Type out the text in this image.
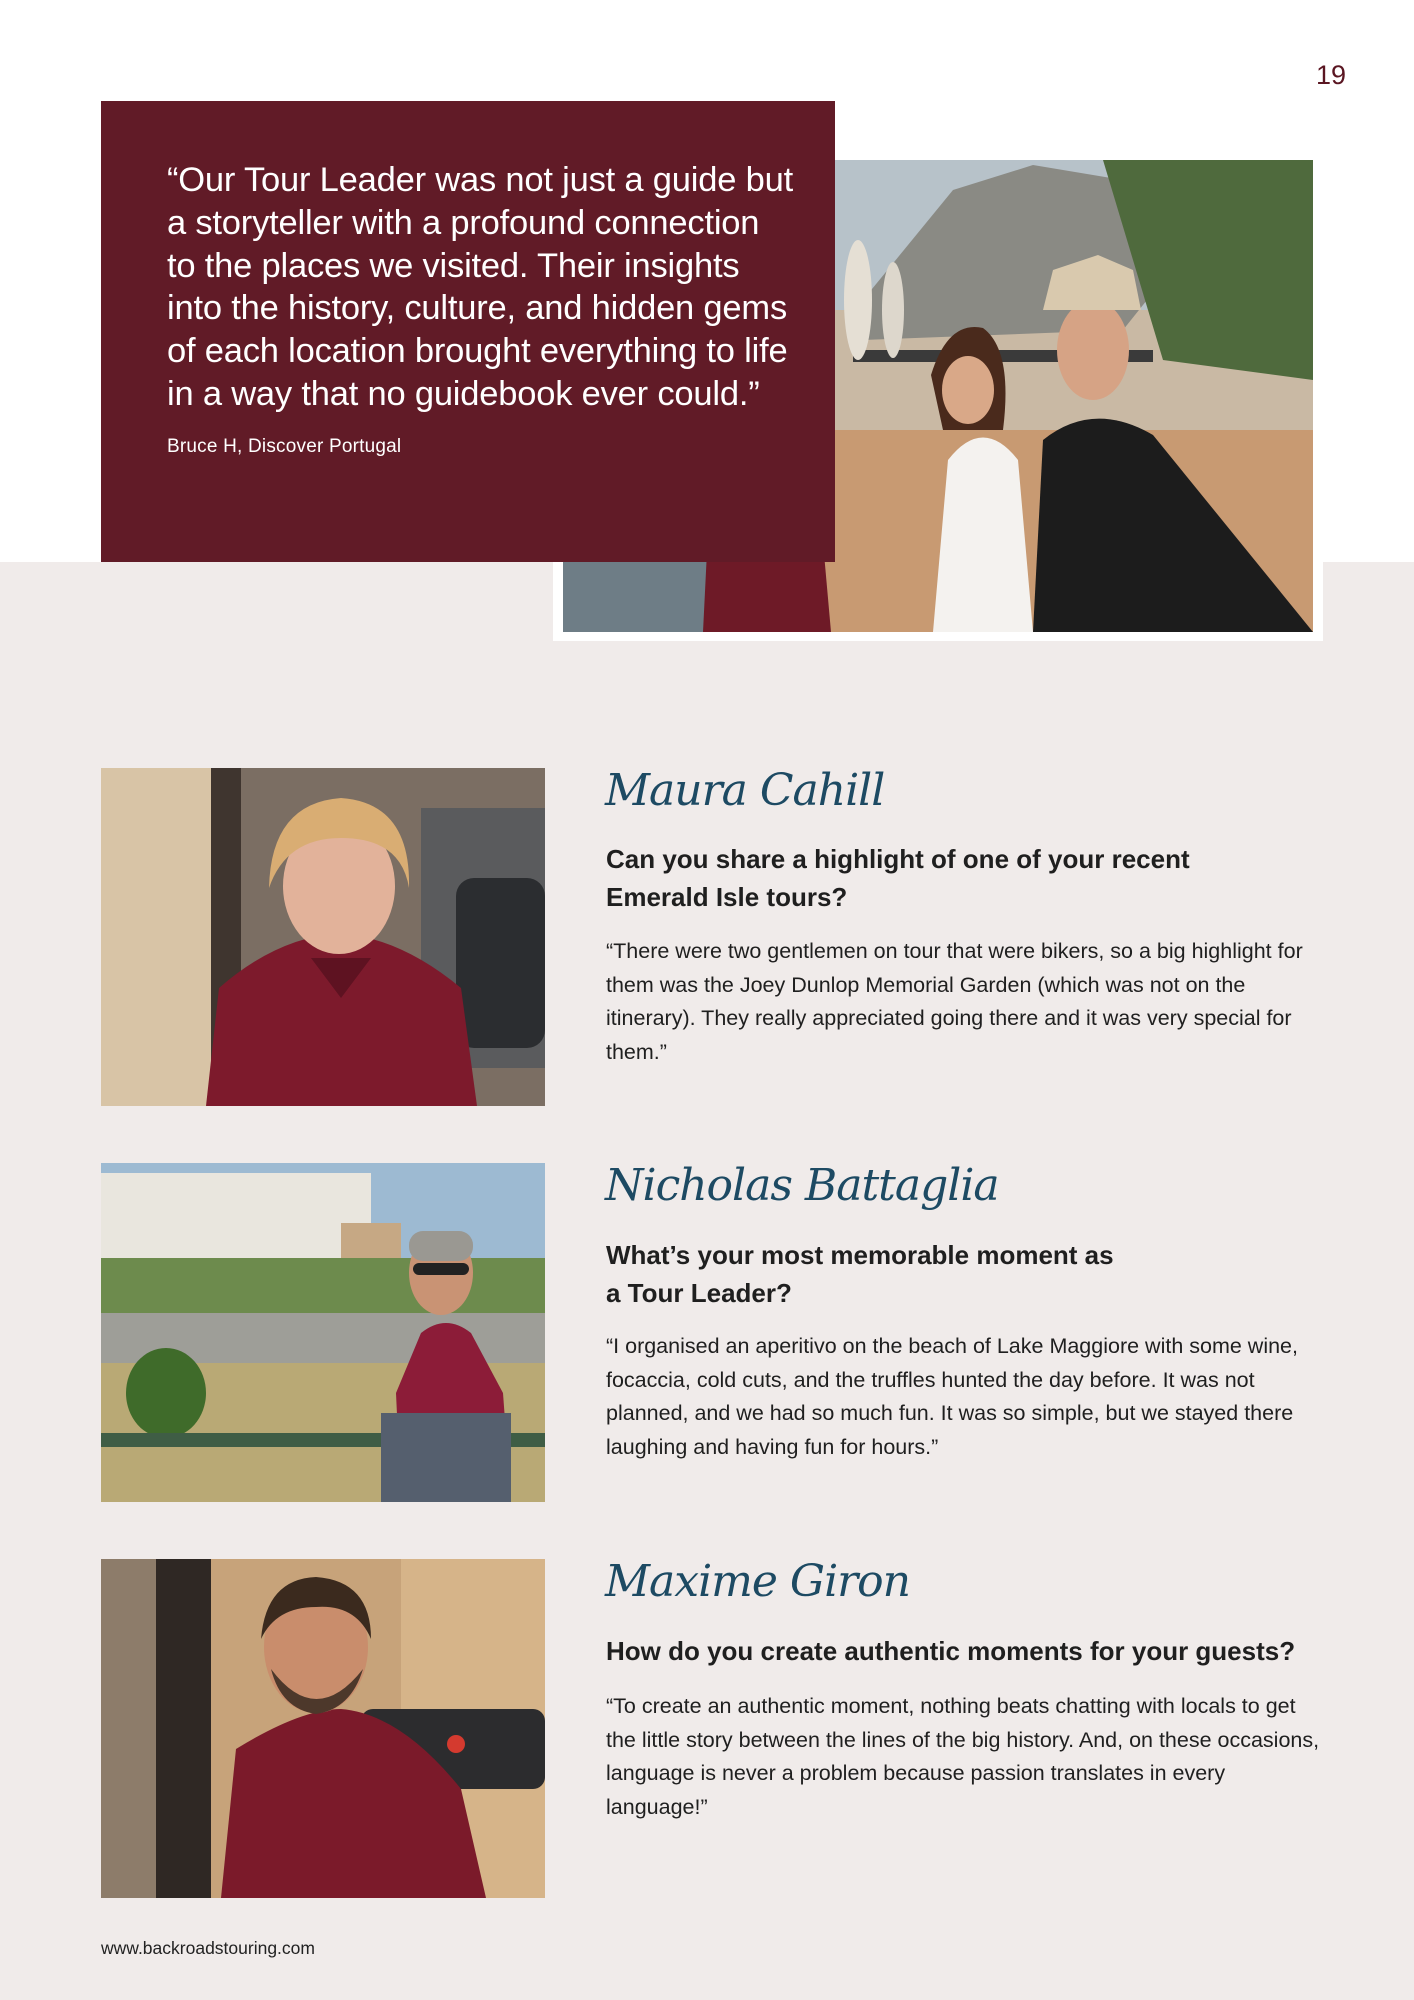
19

“Our Tour Leader was not just a guide but a storyteller with a profound connection to the places we visited. Their insights into the history, culture, and hidden gems of each location brought everything to life in a way that no guidebook ever could.”

Bruce H, Discover Portugal
Maura Cahill
Can you share a highlight of one of your recent Emerald Isle tours?
“There were two gentlemen on tour that were bikers, so a big highlight for them was the Joey Dunlop Memorial Garden (which was not on the itinerary). They really appreciated going there and it was very special for them.”
Nicholas Battaglia
What’s your most memorable moment as a Tour Leader?
“I organised an aperitivo on the beach of Lake Maggiore with some wine, focaccia, cold cuts, and the truffles hunted the day before. It was not planned, and we had so much fun. It was so simple, but we stayed there laughing and having fun for hours.”
Maxime Giron
How do you create authentic moments for your guests?
“To create an authentic moment, nothing beats chatting with locals to get the little story between the lines of the big history. And, on these occasions, language is never a problem because passion translates in every language!”
www.backroadstouring.com
